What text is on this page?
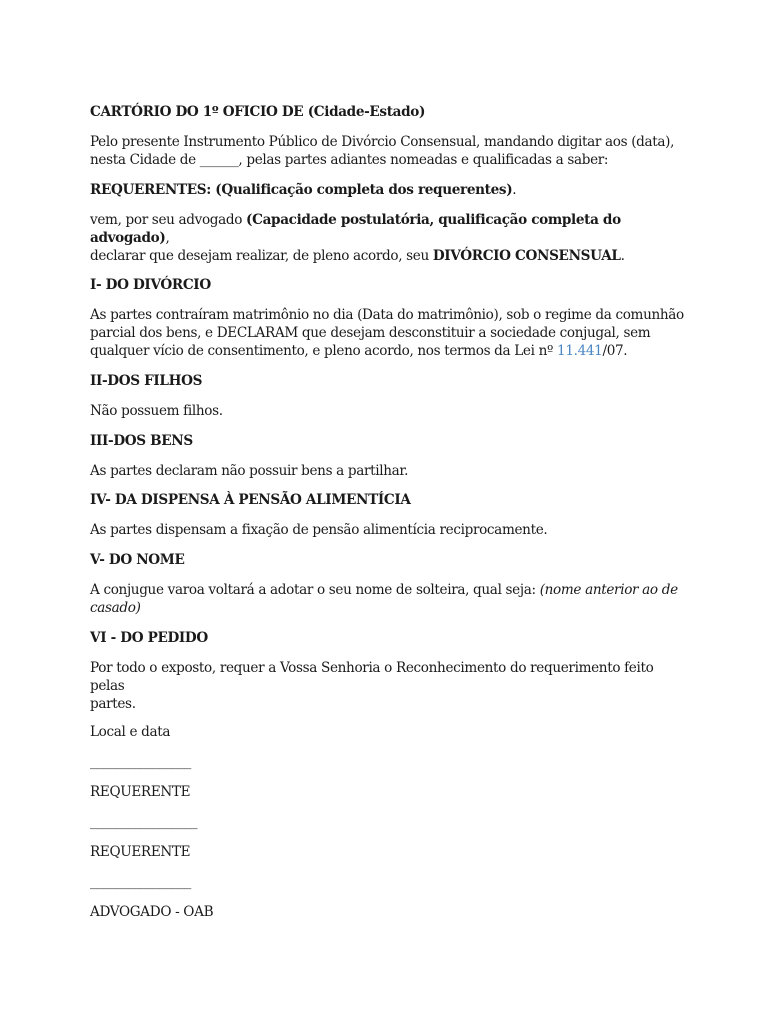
CARTÓRIO DO 1º OFICIO DE (Cidade-Estado)

Pelo presente Instrumento Público de Divórcio Consensual, mandando digitar aos (data),
nesta Cidade de ______, pelas partes adiantes nomeadas e qualificadas a saber:

REQUERENTES: (Qualificação completa dos requerentes).

vem, por seu advogado (Capacidade postulatória, qualificação completa do advogado),
declarar que desejam realizar, de pleno acordo, seu DIVÓRCIO CONSENSUAL.

I- DO DIVÓRCIO

As partes contraíram matrimônio no dia (Data do matrimônio), sob o regime da comunhão
parcial dos bens, e DECLARAM que desejam desconstituir a sociedade conjugal, sem
qualquer vício de consentimento, e pleno acordo, nos termos da Lei nº 11.441/07.

II-DOS FILHOS

Não possuem filhos.

III-DOS BENS

As partes declaram não possuir bens a partilhar.

IV- DA DISPENSA À PENSÃO ALIMENTÍCIA

As partes dispensam a fixação de pensão alimentícia reciprocamente.

V- DO NOME

A conjugue varoa voltará a adotar o seu nome de solteira, qual seja: (nome anterior ao de
casado)

VI - DO PEDIDO

Por todo o exposto, requer a Vossa Senhoria o Reconhecimento do requerimento feito pelas
partes.

Local e data

________________

REQUERENTE

_________________

REQUERENTE

________________

ADVOGADO - OAB
